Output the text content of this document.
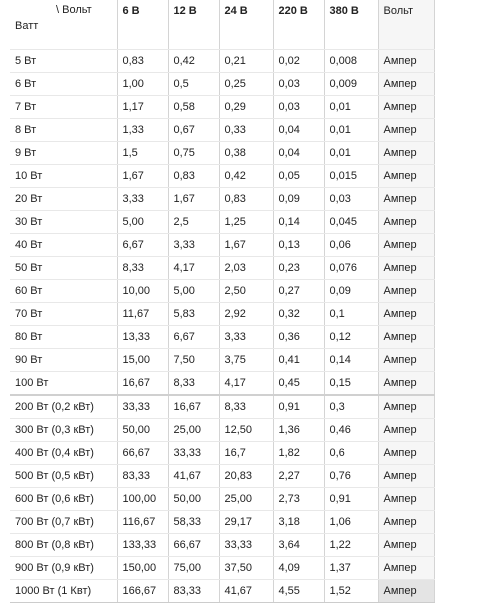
\ Вольт
Ватт	6 В	12 В	24 В	220 В	380 В	Вольт
5 Вт	0,83	0,42	0,21	0,02	0,008	Ампер
6 Вт	1,00	0,5	0,25	0,03	0,009	Ампер
7 Вт	1,17	0,58	0,29	0,03	0,01	Ампер
8 Вт	1,33	0,67	0,33	0,04	0,01	Ампер
9 Вт	1,5	0,75	0,38	0,04	0,01	Ампер
10 Вт	1,67	0,83	0,42	0,05	0,015	Ампер
20 Вт	3,33	1,67	0,83	0,09	0,03	Ампер
30 Вт	5,00	2,5	1,25	0,14	0,045	Ампер
40 Вт	6,67	3,33	1,67	0,13	0,06	Ампер
50 Вт	8,33	4,17	2,03	0,23	0,076	Ампер
60 Вт	10,00	5,00	2,50	0,27	0,09	Ампер
70 Вт	11,67	5,83	2,92	0,32	0,1	Ампер
80 Вт	13,33	6,67	3,33	0,36	0,12	Ампер
90 Вт	15,00	7,50	3,75	0,41	0,14	Ампер
100 Вт	16,67	8,33	4,17	0,45	0,15	Ампер
200 Вт (0,2 кВт)	33,33	16,67	8,33	0,91	0,3	Ампер
300 Вт (0,3 кВт)	50,00	25,00	12,50	1,36	0,46	Ампер
400 Вт (0,4 кВт)	66,67	33,33	16,7	1,82	0,6	Ампер
500 Вт (0,5 кВт)	83,33	41,67	20,83	2,27	0,76	Ампер
600 Вт (0,6 кВт)	100,00	50,00	25,00	2,73	0,91	Ампер
700 Вт (0,7 кВт)	116,67	58,33	29,17	3,18	1,06	Ампер
800 Вт (0,8 кВт)	133,33	66,67	33,33	3,64	1,22	Ампер
900 Вт (0,9 кВт)	150,00	75,00	37,50	4,09	1,37	Ампер
1000 Вт (1 Квт)	166,67	83,33	41,67	4,55	1,52	Ампер
